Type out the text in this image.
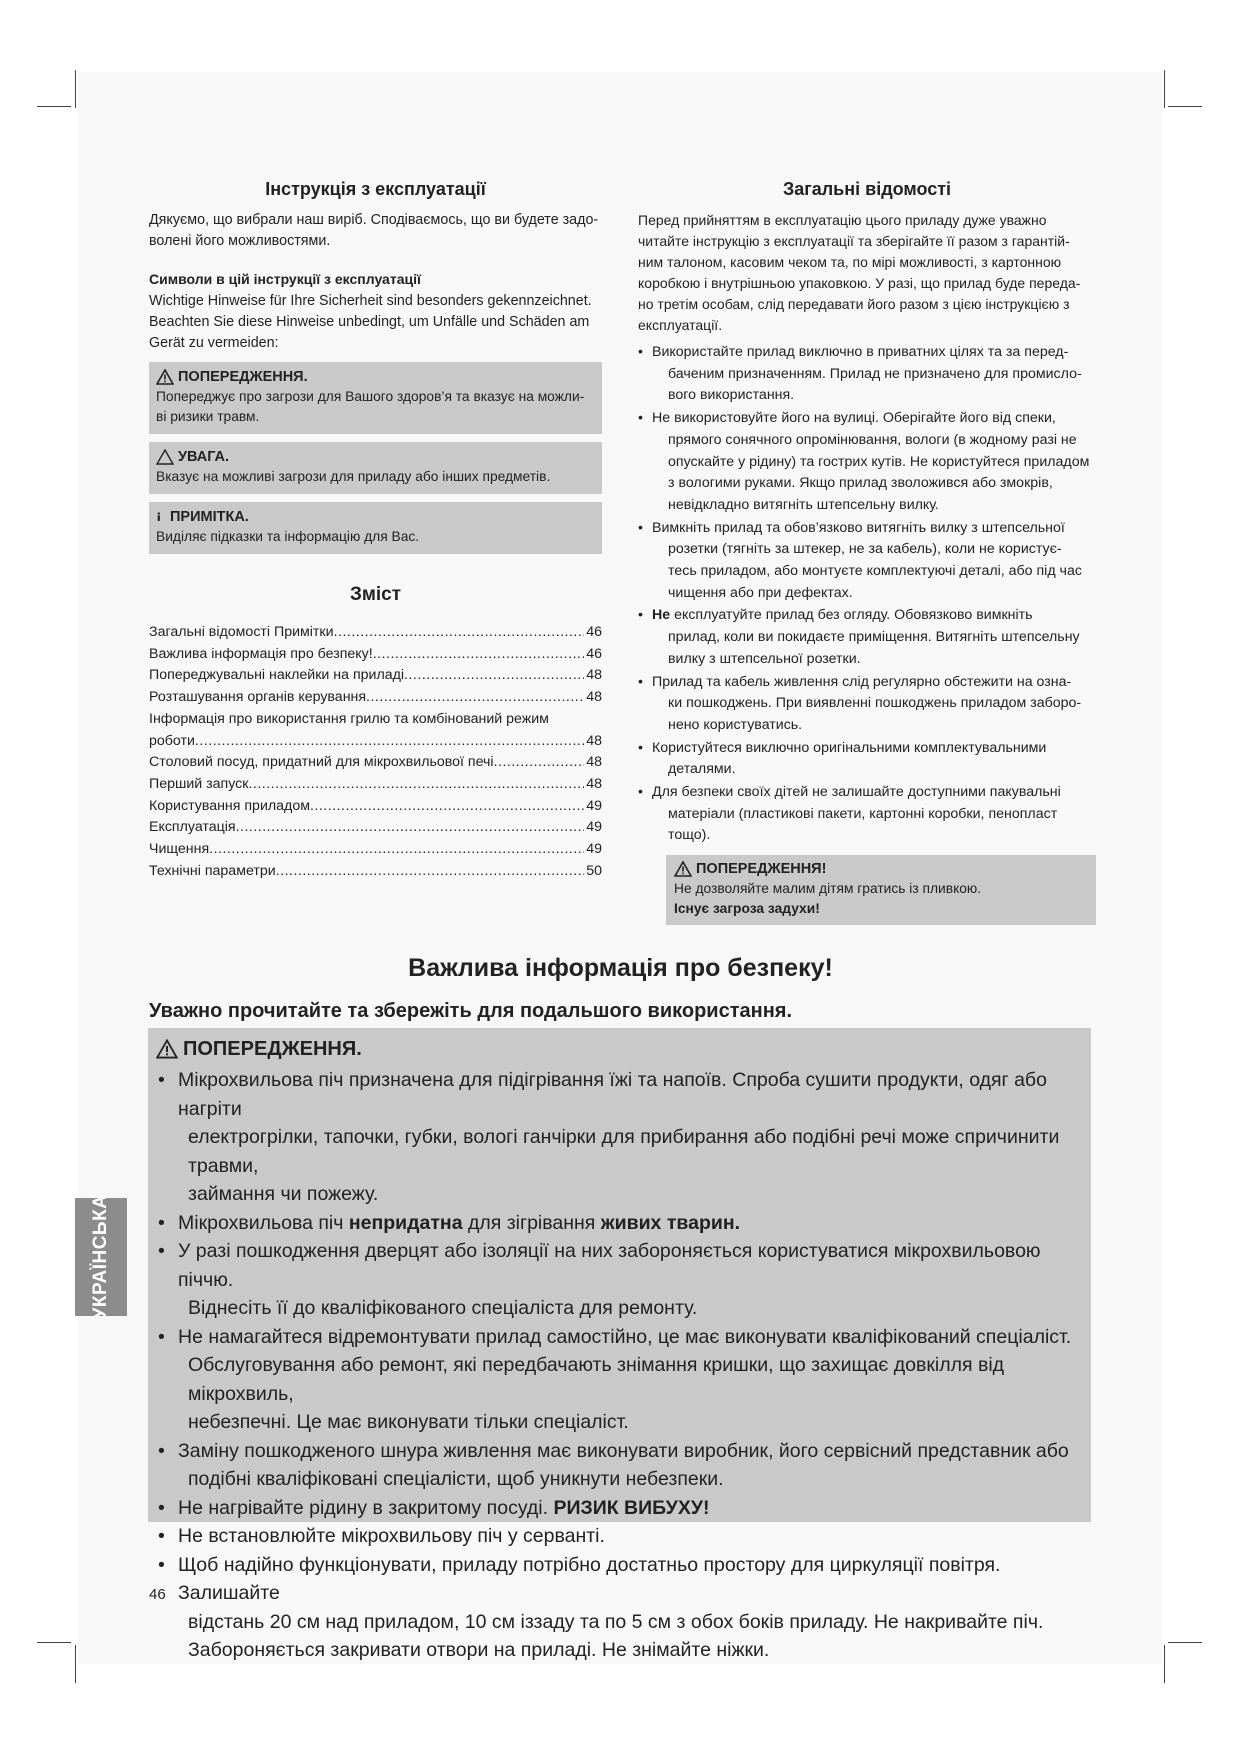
Інструкція з експлуатації

Дякуємо, що вибрали наш виріб. Сподіваємось, що ви будете задо-
волені його можливостями.

Символи в цій інструкції з експлуатації

Wichtige Hinweise für Ihre Sicherheit sind besonders gekennzeichnet.
Beachten Sie diese Hinweise unbedingt, um Unfälle und Schäden am
Gerät zu vermeiden:

ПОПЕРЕДЖЕННЯ.
Попереджує про загрози для Вашого здоров’я та вказує на можли-
ві ризики травм.
УВАГА.
Вказує на можливі загрози для приладу або інших предметів.
ПРИМІТКА.
Виділяє підказки та інформацію для Вас.
Зміст
Загальні відомості Примітки .....	46
Важлива інформація про безпеку! .....	46
Попереджувальні наклейки на приладі .....	48
Розташування органів керування .....	48
Інформація про використання грилю та комбінований режим
роботи .....	48
Столовий посуд, придатний для мікрохвильової печі .....	48
Перший запуск .....	48
Користування приладом .....	49
Експлуатація .....	49
Чищення .....	49
Технічні параметри .....	50
Загальні відомості

Перед прийняттям в експлуатацію цього приладу дуже уважно
читайте інструкцію з експлуатації та зберігайте її разом з гарантій-
ним талоном, касовим чеком та, по мірі можливості, з картонною
коробкою і внутрішньою упаковкою. У разі, що прилад буде переда-
но третім особам, слід передавати його разом з цією інструкцією з
експлуатації.

• Використайте прилад виключно в приватних цілях та за перед-
баченим призначенням. Прилад не призначено для промисло-
вого використання.
• Не використовуйте його на вулиці. Оберігайте його від спеки,
прямого сонячного опромінювання, вологи (в жодному разі не
опускайте у рідину) та гострих кутів. Не користуйтеся приладом
з вологими руками. Якщо прилад зволожився або змокрів,
невідкладно витягніть штепсельну вилку.
• Вимкніть прилад та обов’язково витягніть вилку з штепсельної
розетки (тягніть за штекер, не за кабель), коли не користує-
тесь приладом, або монтуєте комплектуючі деталі, або під час
чищення або при дефектах.
• Не експлуатуйте прилад без огляду. Обовязково вимкніть
прилад, коли ви покидаєте приміщення. Витягніть штепсельну
вилку з штепсельної розетки.
• Прилад та кабель живлення слід регулярно обстежити на озна-
ки пошкоджень. При виявленні пошкоджень приладом заборо-
нено користуватись.
• Користуйтеся виключно оригінальними комплектувальними
деталями.
• Для безпеки своїх дітей не залишайте доступними пакувальні
матеріали (пластикові пакети, картонні коробки, пенопласт
тощо).
ПОПЕРЕДЖЕННЯ!
Не дозволяйте малим дітям гратись із пливкою.
Існує загроза задухи!
Важлива інформація про безпеку!
Уважно прочитайте та збережіть для подальшого використання.
ПОПЕРЕДЖЕННЯ.
• Мікрохвильова піч призначена для підігрівання їжі та напоїв. Спроба сушити продукти, одяг або нагріти
електрогрілки, тапочки, губки, вологі ганчірки для прибирання або подібні речі може спричинити травми,
займання чи пожежу.
• Мікрохвильова піч непридатна для зігрівання живих тварин.
• У разі пошкодження дверцят або ізоляції на них забороняється користуватися мікрохвильовою піччю.
Віднесіть її до кваліфікованого спеціаліста для ремонту.
• Не намагайтеся відремонтувати прилад самостійно, це має виконувати кваліфікований спеціаліст.
Обслуговування або ремонт, які передбачають знімання кришки, що захищає довкілля від мікрохвиль,
небезпечні. Це має виконувати тільки спеціаліст.
• Заміну пошкодженого шнура живлення має виконувати виробник, його сервісний представник або
подібні кваліфіковані спеціалісти, щоб уникнути небезпеки.
• Не нагрівайте рідину в закритому посуді. РИЗИК ВИБУХУ!
• Не встановлюйте мікрохвильову піч у серванті.
• Щоб надійно функціонувати, приладу потрібно достатньо простору для циркуляції повітря. Залишайте
відстань 20 см над приладом, 10 см іззаду та по 5 см з обох боків приладу. Не накривайте піч.
Забороняється закривати отвори на приладі. Не знімайте ніжки.
УКРАЇНСЬКА
46
